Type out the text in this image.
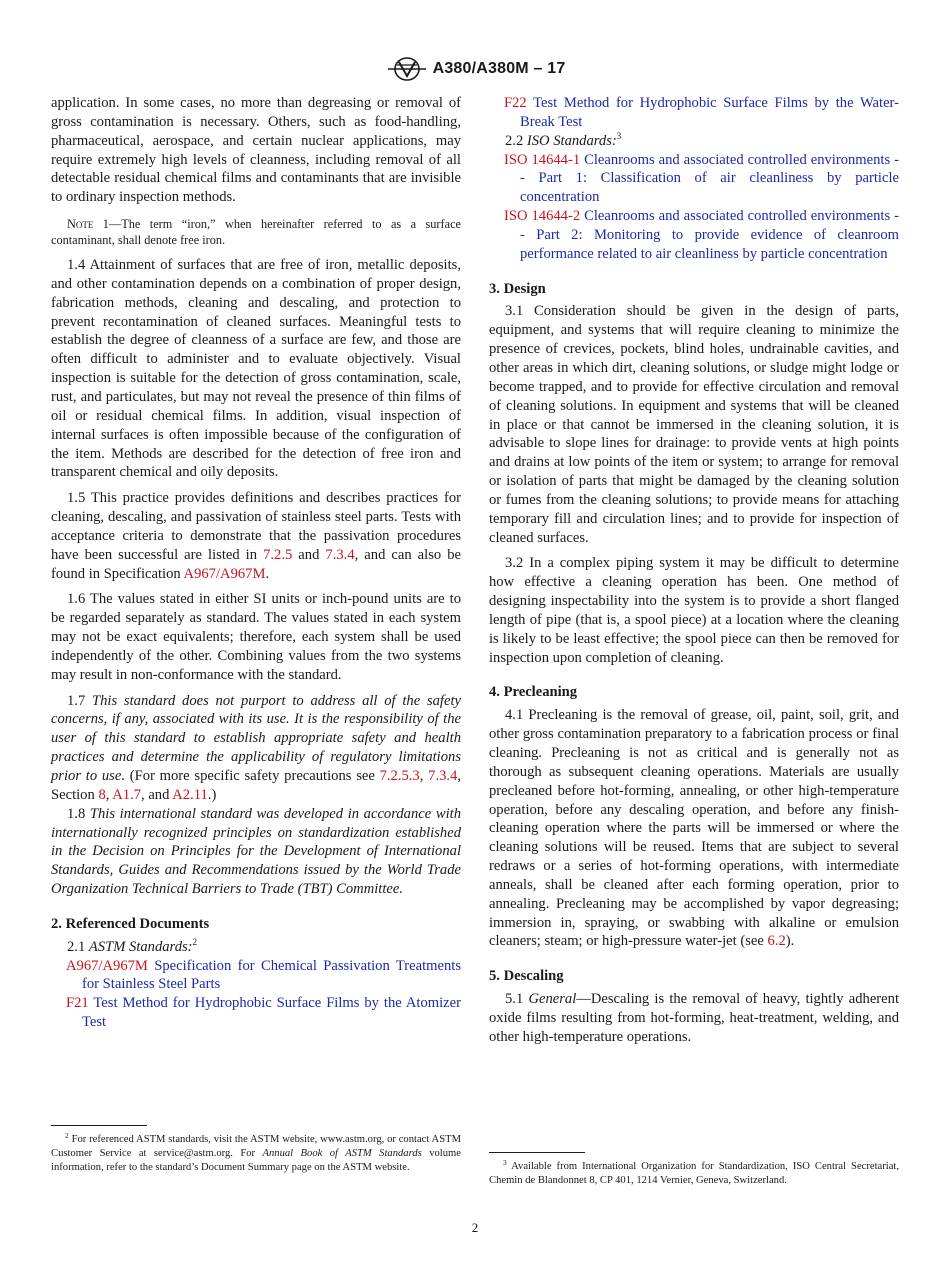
A380/A380M – 17

application. In some cases, no more than degreasing or removal of gross contamination is necessary. Others, such as food-handling, pharmaceutical, aerospace, and certain nuclear applications, may require extremely high levels of cleanness, including removal of all detectable residual chemical films and contaminants that are invisible to ordinary inspection methods.

Note 1—The term “iron,” when hereinafter referred to as a surface contaminant, shall denote free iron.

1.4 Attainment of surfaces that are free of iron, metallic deposits, and other contamination depends on a combination of proper design, fabrication methods, cleaning and descaling, and protection to prevent recontamination of cleaned surfaces. Meaningful tests to establish the degree of cleanness of a surface are few, and those are often difficult to administer and to evaluate objectively. Visual inspection is suitable for the detection of gross contamination, scale, rust, and particulates, but may not reveal the presence of thin films of oil or residual chemical films. In addition, visual inspection of internal surfaces is often impossible because of the configuration of the item. Methods are described for the detection of free iron and transparent chemical and oily deposits.

1.5 This practice provides definitions and describes practices for cleaning, descaling, and passivation of stainless steel parts. Tests with acceptance criteria to demonstrate that the passivation procedures have been successful are listed in 7.2.5 and 7.3.4, and can also be found in Specification A967/A967M.

1.6 The values stated in either SI units or inch-pound units are to be regarded separately as standard. The values stated in each system may not be exact equivalents; therefore, each system shall be used independently of the other. Combining values from the two systems may result in non-conformance with the standard.

1.7 This standard does not purport to address all of the safety concerns, if any, associated with its use. It is the responsibility of the user of this standard to establish appropriate safety and health practices and determine the applicability of regulatory limitations prior to use. (For more specific safety precautions see 7.2.5.3, 7.3.4, Section 8, A1.7, and A2.11.)

1.8 This international standard was developed in accordance with internationally recognized principles on standardization established in the Decision on Principles for the Development of International Standards, Guides and Recommendations issued by the World Trade Organization Technical Barriers to Trade (TBT) Committee.

2. Referenced Documents

2.1 ASTM Standards:$^2$

A967/A967M Specification for Chemical Passivation Treatments for Stainless Steel Parts

F21 Test Method for Hydrophobic Surface Films by the Atomizer Test

$^2$ For referenced ASTM standards, visit the ASTM website, www.astm.org, or contact ASTM Customer Service at service@astm.org. For Annual Book of ASTM Standards volume information, refer to the standard’s Document Summary page on the ASTM website.

F22 Test Method for Hydrophobic Surface Films by the Water-Break Test

2.2 ISO Standards:$^3$

ISO 14644-1 Cleanrooms and associated controlled environments -- Part 1: Classification of air cleanliness by particle concentration

ISO 14644-2 Cleanrooms and associated controlled environments -- Part 2: Monitoring to provide evidence of cleanroom performance related to air cleanliness by particle concentration

3. Design

3.1 Consideration should be given in the design of parts, equipment, and systems that will require cleaning to minimize the presence of crevices, pockets, blind holes, undrainable cavities, and other areas in which dirt, cleaning solutions, or sludge might lodge or become trapped, and to provide for effective circulation and removal of cleaning solutions. In equipment and systems that will be cleaned in place or that cannot be immersed in the cleaning solution, it is advisable to slope lines for drainage: to provide vents at high points and drains at low points of the item or system; to arrange for removal or isolation of parts that might be damaged by the cleaning solution or fumes from the cleaning solutions; to provide means for attaching temporary fill and circulation lines; and to provide for inspection of cleaned surfaces.

3.2 In a complex piping system it may be difficult to determine how effective a cleaning operation has been. One method of designing inspectability into the system is to provide a short flanged length of pipe (that is, a spool piece) at a location where the cleaning is likely to be least effective; the spool piece can then be removed for inspection upon completion of cleaning.

4. Precleaning

4.1 Precleaning is the removal of grease, oil, paint, soil, grit, and other gross contamination preparatory to a fabrication process or final cleaning. Precleaning is not as critical and is generally not as thorough as subsequent cleaning operations. Materials are usually precleaned before hot-forming, annealing, or other high-temperature operation, before any descaling operation, and before any finish-cleaning operation where the parts will be immersed or where the cleaning solutions will be reused. Items that are subject to several redraws or a series of hot-forming operations, with intermediate anneals, shall be cleaned after each forming operation, prior to annealing. Precleaning may be accomplished by vapor degreasing; immersion in, spraying, or swabbing with alkaline or emulsion cleaners; steam; or high-pressure water-jet (see 6.2).

5. Descaling

5.1 General—Descaling is the removal of heavy, tightly adherent oxide films resulting from hot-forming, heat-treatment, welding, and other high-temperature operations.

$^3$ Available from International Organization for Standardization, ISO Central Secretariat, Chemin de Blandonnet 8, CP 401, 1214 Vernier, Geneva, Switzerland.

2
